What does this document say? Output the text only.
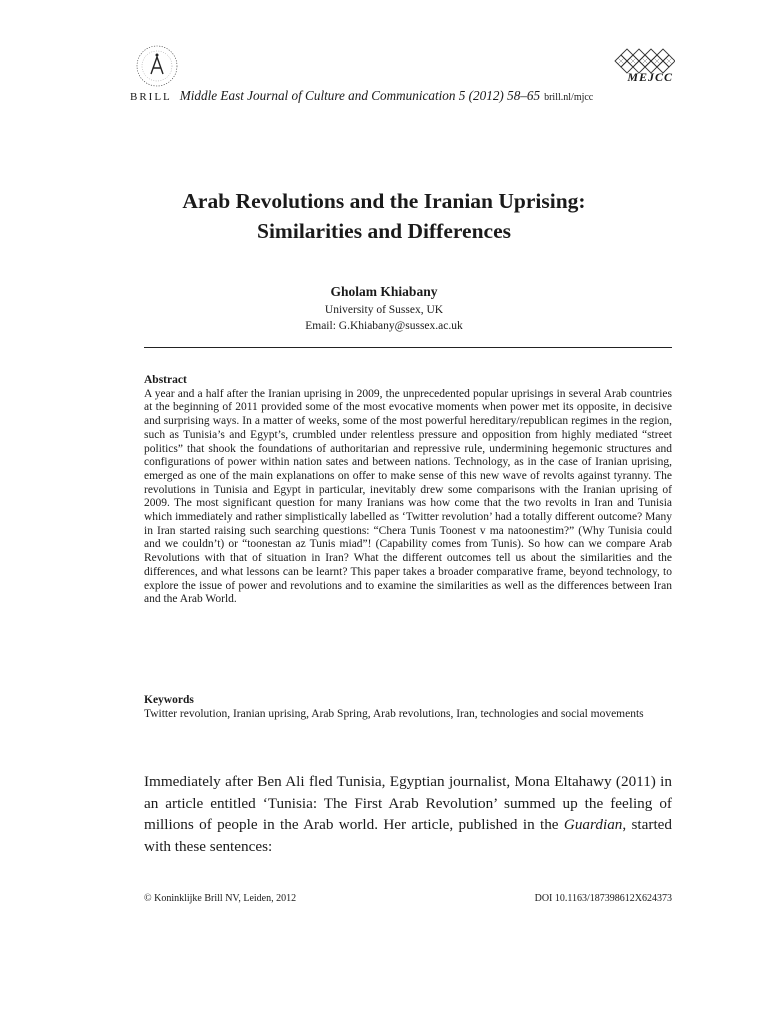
MEJCC
BRILL Middle East Journal of Culture and Communication 5 (2012) 58–65 brill.nl/mjcc
Arab Revolutions and the Iranian Uprising:
Similarities and Differences
Gholam Khiabany
University of Sussex, UK
Email: G.Khiabany@sussex.ac.uk
Abstract
A year and a half after the Iranian uprising in 2009, the unprecedented popular uprisings in several Arab countries at the beginning of 2011 provided some of the most evocative moments when power met its opposite, in decisive and surprising ways. In a matter of weeks, some of the most powerful hereditary/republican regimes in the region, such as Tunisia’s and Egypt’s, crumbled under relentless pressure and opposition from highly mediated “street politics” that shook the foundations of authoritarian and repressive rule, undermining hegemonic structures and configurations of power within nation sates and between nations. Technology, as in the case of Iranian uprising, emerged as one of the main explanations on offer to make sense of this new wave of revolts against tyranny. The revolutions in Tunisia and Egypt in particular, inevitably drew some comparisons with the Iranian uprising of 2009. The most significant question for many Iranians was how come that the two revolts in Iran and Tunisia which immediately and rather simplistically labelled as ‘Twitter revolution’ had a totally different outcome? Many in Iran started raising such searching questions: “Chera Tunis Toonest v ma natoonestim?” (Why Tunisia could and we couldn’t) or “toonestan az Tunis miad”! (Capability comes from Tunis). So how can we compare Arab Revolutions with that of situation in Iran? What the different outcomes tell us about the similarities and the differences, and what lessons can be learnt? This paper takes a broader comparative frame, beyond technology, to explore the issue of power and revolutions and to examine the similarities as well as the differences between Iran and the Arab World.
Keywords
Twitter revolution, Iranian uprising, Arab Spring, Arab revolutions, Iran, technologies and social movements
Immediately after Ben Ali fled Tunisia, Egyptian journalist, Mona Eltahawy (2011) in an article entitled ‘Tunisia: The First Arab Revolution’ summed up the feeling of millions of people in the Arab world. Her article, published in the Guardian, started with these sentences:
© Koninklijke Brill NV, Leiden, 2012	DOI 10.1163/187398612X624373
